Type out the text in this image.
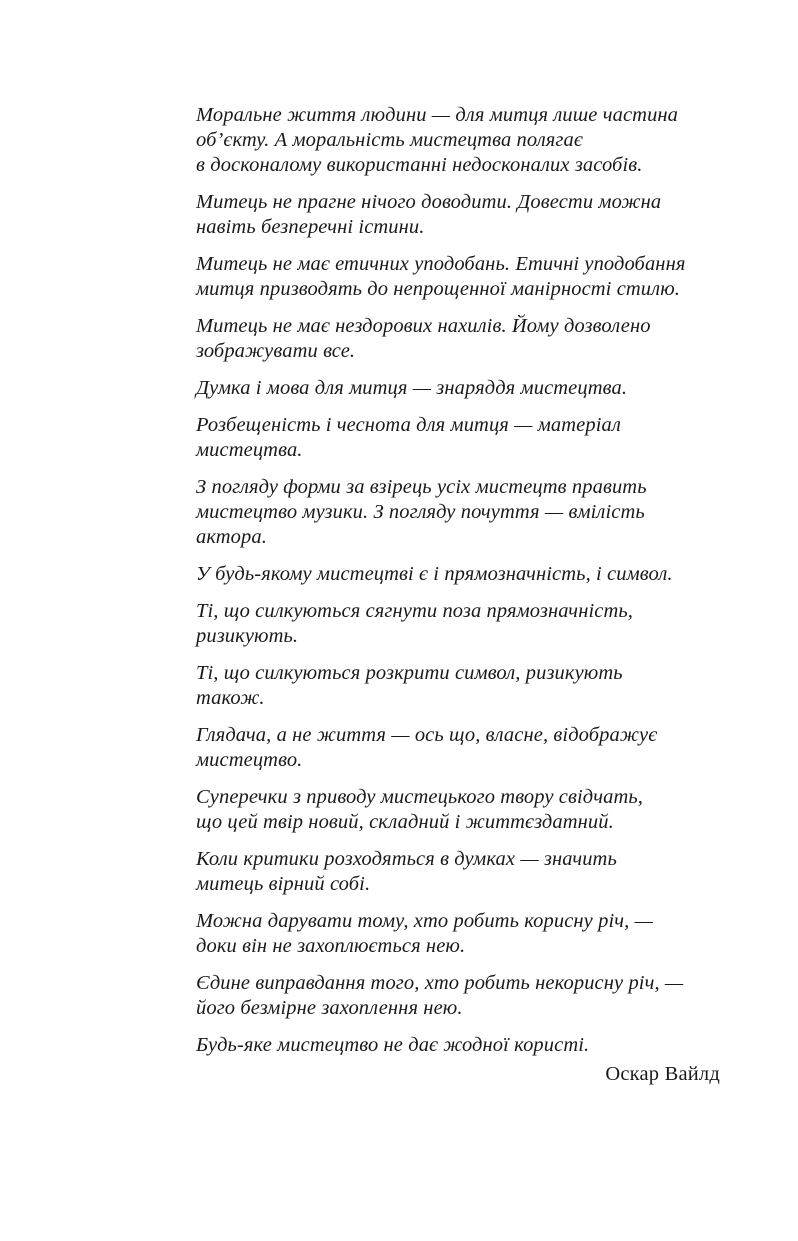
Моральне життя людини — для митця лише частина
об’єкту. А моральність мистецтва полягає
в досконалому використанні недосконалих засобів.
Митець не прагне нічого доводити. Довести можна
навіть безперечні істини.
Митець не має етичних уподобань. Етичні уподобання
митця призводять до непрощенної манірності стилю.
Митець не має нездорових нахилів. Йому дозволено
зображувати все.
Думка і мова для митця — знаряддя мистецтва.
Розбещеність і чеснота для митця — матеріал
мистецтва.
З погляду форми за взірець усіх мистецтв править
мистецтво музики. З погляду почуття — вміліcть
актора.
У будь-якому мистецтві є і прямозначність, і символ.
Ті, що силкуються сягнути поза прямозначність,
ризикують.
Ті, що силкуються розкрити символ, ризикують
також.
Глядача, а не життя — ось що, власне, відображує
мистецтво.
Суперечки з приводу мистецького твору свідчать,
що цей твір новий, складний і життєздатний.
Коли критики розходяться в думках — значить
митець вірний собі.
Можна дарувати тому, хто робить корисну річ, —
доки він не захоплюється нею.
Єдине виправдання того, хто робить некорисну річ, —
його безмірне захоплення нею.
Будь-яке мистецтво не дає жодної користі.
Оскар Вайлд
